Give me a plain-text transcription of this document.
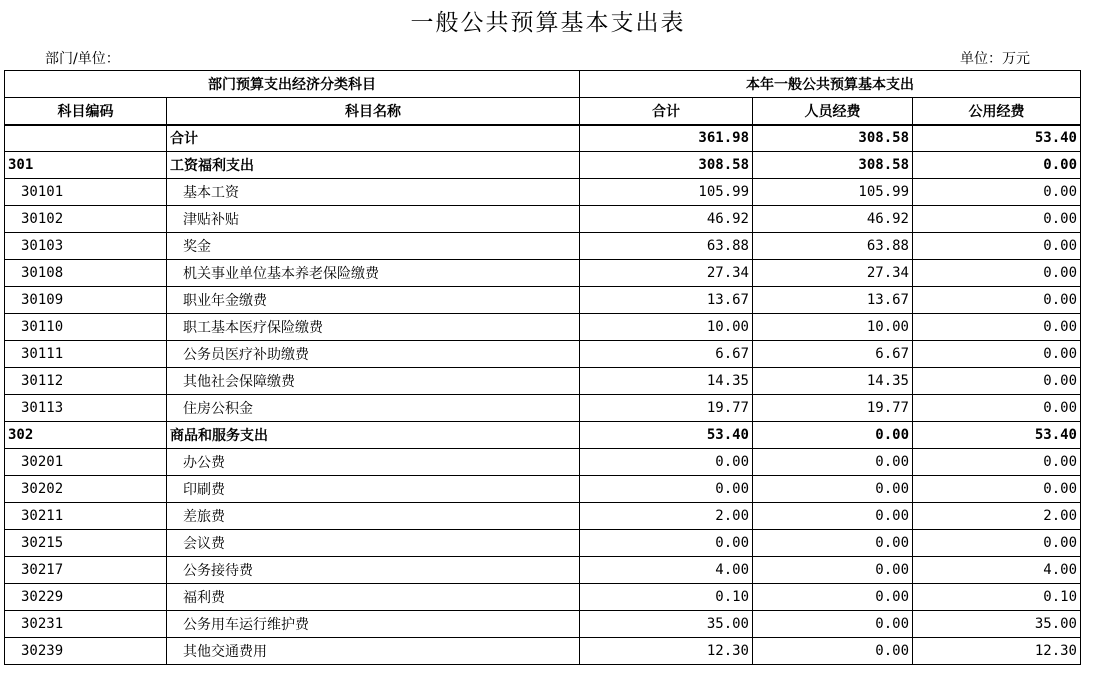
一般公共预算基本支出表
部门/单位：	单位：万元
部门预算支出经济分类科目		本年一般公共预算基本支出		
科目编码	科目名称	合计	人员经费	公用经费
	合计	361.98	308.58	53.40
301	工资福利支出	308.58	308.58	0.00
30101	基本工资	105.99	105.99	0.00
30102	津贴补贴	46.92	46.92	0.00
30103	奖金	63.88	63.88	0.00
30108	机关事业单位基本养老保险缴费	27.34	27.34	0.00
30109	职业年金缴费	13.67	13.67	0.00
30110	职工基本医疗保险缴费	10.00	10.00	0.00
30111	公务员医疗补助缴费	6.67	6.67	0.00
30112	其他社会保障缴费	14.35	14.35	0.00
30113	住房公积金	19.77	19.77	0.00
302	商品和服务支出	53.40	0.00	53.40
30201	办公费	0.00	0.00	0.00
30202	印刷费	0.00	0.00	0.00
30211	差旅费	2.00	0.00	2.00
30215	会议费	0.00	0.00	0.00
30217	公务接待费	4.00	0.00	4.00
30229	福利费	0.10	0.00	0.10
30231	公务用车运行维护费	35.00	0.00	35.00
30239	其他交通费用	12.30	0.00	12.30
